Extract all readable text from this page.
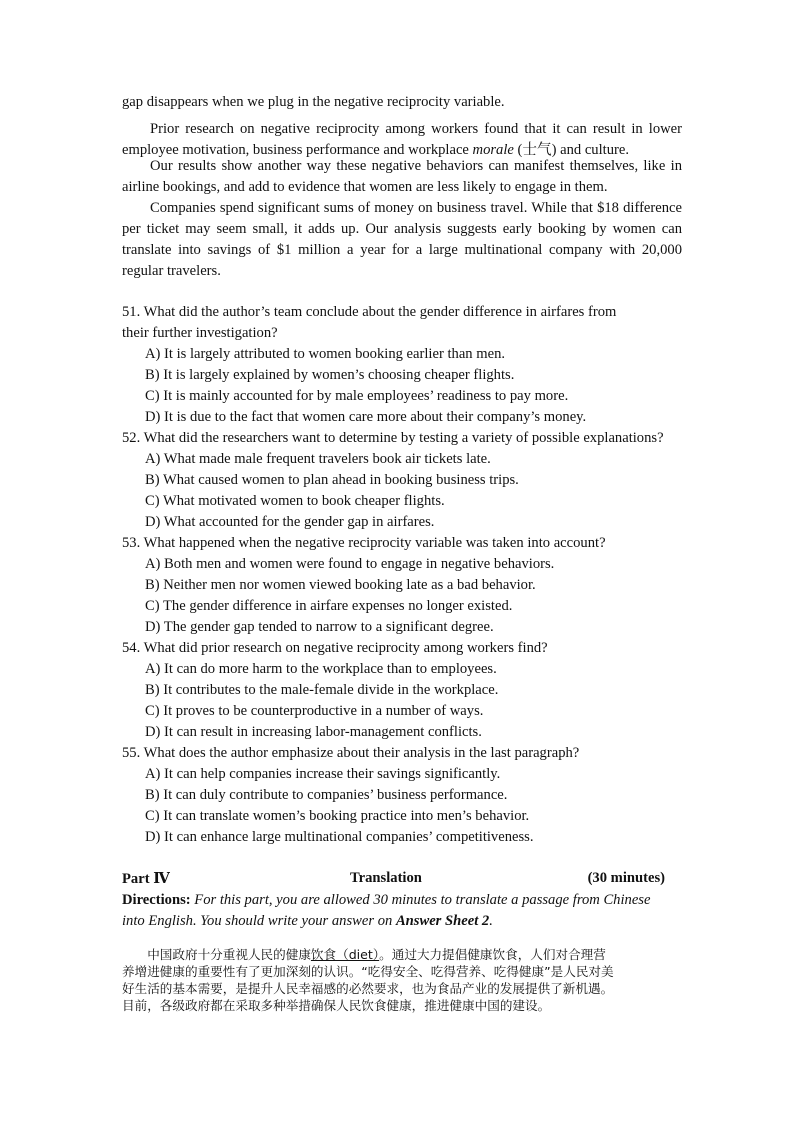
gap disappears when we plug in the negative reciprocity variable.

Prior research on negative reciprocity among workers found that it can result in lower employee motivation, business performance and workplace morale (士气) and culture.

Our results show another way these negative behaviors can manifest themselves, like in airline bookings, and add to evidence that women are less likely to engage in them.

Companies spend significant sums of money on business travel. While that $18 difference per ticket may seem small, it adds up. Our analysis suggests early booking by women can translate into savings of $1 million a year for a large multinational company with 20,000 regular travelers.

51. What did the author’s team conclude about the gender difference in airfares from

their further investigation?

A) It is largely attributed to women booking earlier than men.

B) It is largely explained by women’s choosing cheaper flights.

C) It is mainly accounted for by male employees’ readiness to pay more.

D) It is due to the fact that women care more about their company’s money.

52. What did the researchers want to determine by testing a variety of possible explanations?

A) What made male frequent travelers book air tickets late.

B) What caused women to plan ahead in booking business trips.

C) What motivated women to book cheaper flights.

D) What accounted for the gender gap in airfares.

53. What happened when the negative reciprocity variable was taken into account?

A) Both men and women were found to engage in negative behaviors.

B) Neither men nor women viewed booking late as a bad behavior.

C) The gender difference in airfare expenses no longer existed.

D) The gender gap tended to narrow to a significant degree.

54. What did prior research on negative reciprocity among workers find?

A) It can do more harm to the workplace than to employees.

B) It contributes to the male-female divide in the workplace.

C) It proves to be counterproductive in a number of ways.

D) It can result in increasing labor-management conflicts.

55. What does the author emphasize about their analysis in the last paragraph?

A) It can help companies increase their savings significantly.

B) It can duly contribute to companies’ business performance.

C) It can translate women’s booking practice into men’s behavior.

D) It can enhance large multinational companies’ competitiveness.

Part Ⅳ	Translation	(30 minutes)

Directions: For this part, you are allowed 30 minutes to translate a passage from Chinese into English. You should write your answer on Answer Sheet 2.

　　中国政府十分重视人民的健康饮食（diet）。通过大力提倡健康饮食，人们对合理营
养增进健康的重要性有了更加深刻的认识。“吃得安全、吃得营养、吃得健康”是人民对美
好生活的基本需要，是提升人民幸福感的必然要求，也为食品产业的发展提供了新机遇。
目前，各级政府都在采取多种举措确保人民饮食健康，推进健康中国的建设。
